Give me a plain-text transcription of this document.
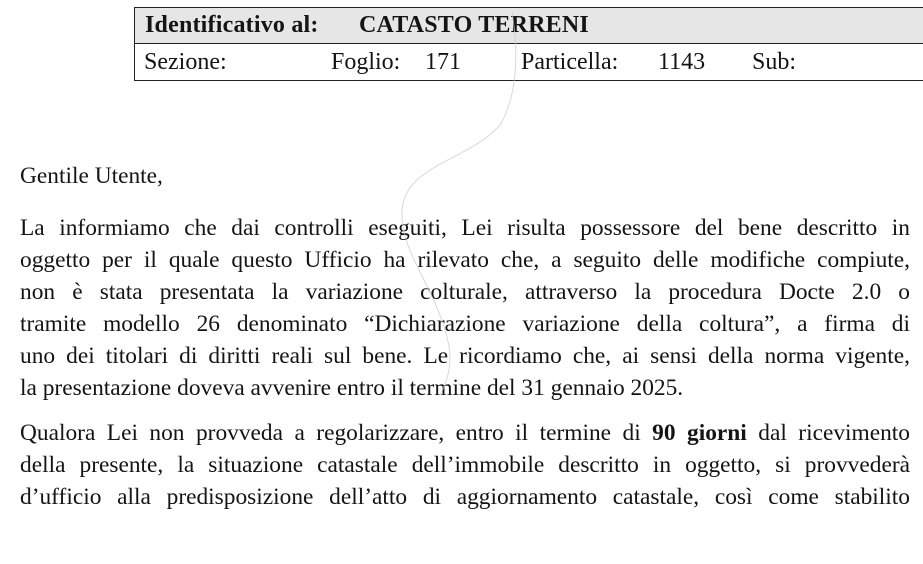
Identificativo al: CATASTO TERRENI

Sezione:	Foglio: 171	Particella: 1143 Sub:

Gentile Utente,

La informiamo che dai controlli eseguiti, Lei risulta possessore del bene descritto in
oggetto per il quale questo Ufficio ha rilevato che, a seguito delle modifiche compiute,
non è stata presentata la variazione colturale, attraverso la procedura Docte 2.0 o
tramite modello 26 denominato “Dichiarazione variazione della coltura”, a firma di
uno dei titolari di diritti reali sul bene. Le ricordiamo che, ai sensi della norma vigente,
la presentazione doveva avvenire entro il termine del 31 gennaio 2025.

Qualora Lei non provveda a regolarizzare, entro il termine di 90 giorni dal ricevimento
della presente, la situazione catastale dell’immobile descritto in oggetto, si provvederà
d’ufficio alla predisposizione dell’atto di aggiornamento catastale, così come stabilito
